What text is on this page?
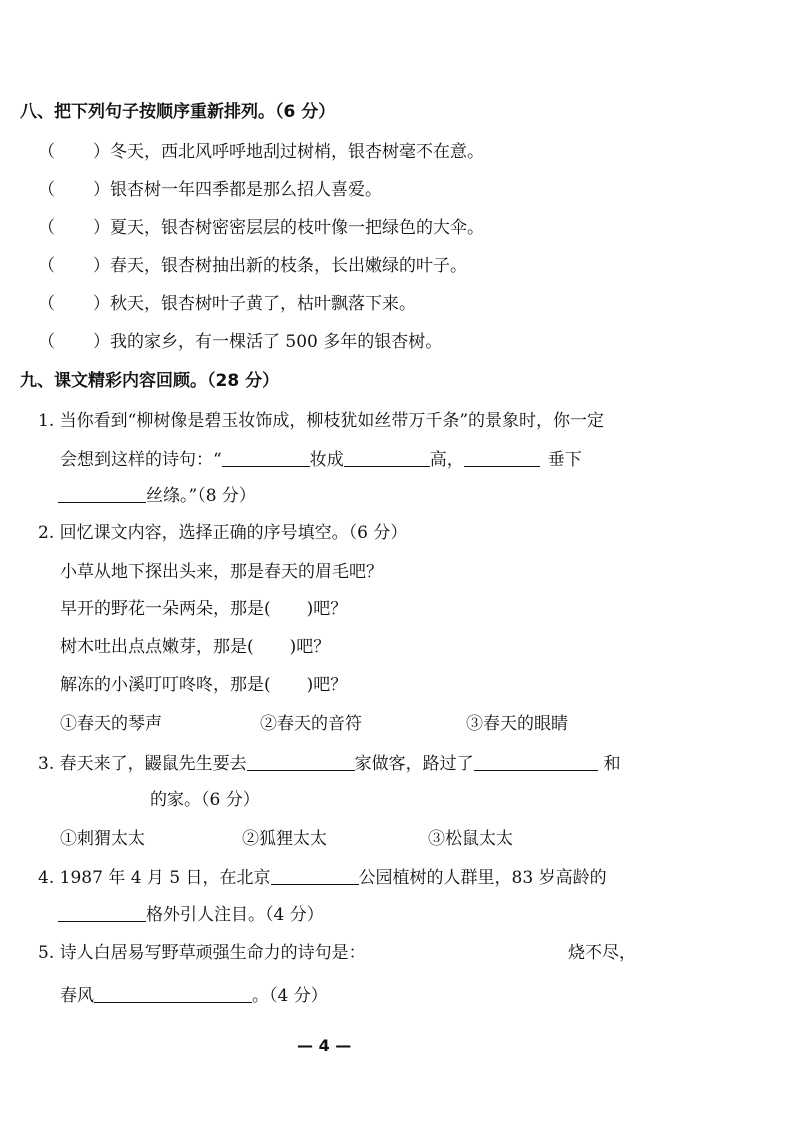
八、把下列句子按顺序重新排列。（6 分）
（ ）冬天，西北风呼呼地刮过树梢，银杏树毫不在意。
（ ）银杏树一年四季都是那么招人喜爱。
（ ）夏天，银杏树密密层层的枝叶像一把绿色的大伞。
（ ）春天，银杏树抽出新的枝条，长出嫩绿的叶子。
（ ）秋天，银杏树叶子黄了，枯叶飘落下来。
（ ）我的家乡，有一棵活了 500 多年的银杏树。
九、课文精彩内容回顾。（28 分）
1. 当你看到“柳树像是碧玉妆饰成，柳枝犹如丝带万千条”的景象时，你一定
会想到这样的诗句：“	妆成	高，	垂下
丝绦。”（8 分）
2. 回忆课文内容，选择正确的序号填空。（6 分）
小草从地下探出头来，那是春天的眉毛吧？
早开的野花一朵两朵，那是( )吧？
树木吐出点点嫩芽，那是( )吧？
解冻的小溪叮叮咚咚，那是( )吧？
①春天的琴声	②春天的音符	③春天的眼睛
3. 春天来了，鼹鼠先生要去	家做客，路过了	和
的家。（6 分）
①刺猬太太	②狐狸太太	③松鼠太太
4. 1987 年 4 月 5 日，在北京	公园植树的人群里，83 岁高龄的
格外引人注目。（4 分）
5. 诗人白居易写野草顽强生命力的诗句是：	烧不尽，
春风	。（4 分）
— 4 —
